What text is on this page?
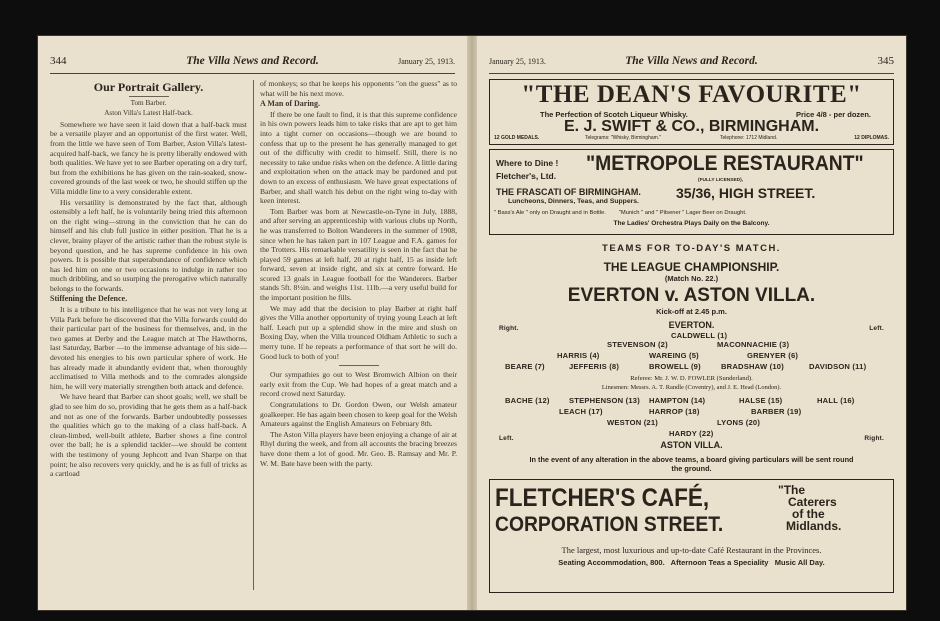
344	The Villa News and Record.	January 25, 1913.
Our Portrait Gallery.

Tom Barber.

Aston Villa's Latest Half-back.

Somewhere we have seen it laid down that a half-back must be a versatile player and an opportunist of the first water. Well, from the little we have seen of Tom Barber, Aston Villa's latest-acquired half-back, we fancy he is pretty liberally endowed with both qualities. We have yet to see Barber operating on a dry turf, but from the exhibitions he has given on the rain-soaked, snow-covered grounds of the last week or two, he should stiffen up the Villa middle line to a very considerable extent.

His versatility is demonstrated by the fact that, although ostensibly a left half, he is voluntarily being tried this afternoon on the right wing—strong in the conviction that he can do himself and his club full justice in either position. That he is a clever, brainy player of the artistic rather than the robust style is beyond question, and he has supreme confidence in his own powers. It is possible that superabundance of confidence which has led him on one or two occasions to indulge in rather too much dribbling, and so usurping the prerogative which naturally belongs to the forwards.

Stiffening the Defence.

It is a tribute to his intelligence that he was not very long at Villa Park before he discovered that the Villa forwards could do their particular part of the business for themselves, and, in the two games at Derby and the League match at The Hawthorns, last Saturday, Barber —to the immense advantage of his side— devoted his energies to his own particular sphere of work. He has already made it abundantly evident that, when thoroughly acclimatised to Villa methods and to the comrades alongside him, he will very materially strengthen both attack and defence.

We have heard that Barber can shoot goals; well, we shall be glad to see him do so, providing that he gets them as a half-back and not as one of the forwards. Barber undoubtedly possesses the qualities which go to the making of a class half-back. A clean-limbed, well-built athlete, Barber shows a fine control over the ball; he is a splendid tackler—we should be content with the testimony of young Jephcott and Ivan Sharpe on that point; he also recovers very quickly, and he is as full of tricks as a cartload

of monkeys; so that he keeps his opponents "on the guess" as to what will be his next move.

A Man of Daring.

If there be one fault to find, it is that this supreme confidence in his own powers leads him to take risks that are apt to get him into a tight corner on occasions—though we are bound to confess that up to the present he has generally managed to get out of the difficulty with credit to himself. Still, there is no necessity to take undue risks when on the defence. A little daring and exploitation when on the attack may be pardoned and put down to an excess of enthusiasm. We have great expectations of Barber, and shall watch his debut on the right wing to-day with keen interest.

Tom Barber was born at Newcastle-on-Tyne in July, 1888, and after serving an apprenticeship with various clubs up North, he was transferred to Bolton Wanderers in the summer of 1908, since when he has taken part in 107 League and F.A. games for the Trotters. His remarkable versatility is seen in the fact that he played 59 games at left half, 20 at right half, 15 as inside left forward, seven at inside right, and six at centre forward. He scored 13 goals in League football for the Wanderers. Barber stands 5ft. 8½in. and weighs 11st. 11lb.—a very useful build for the important position he fills.

We may add that the decision to play Barber at right half gives the Villa another opportunity of trying young Leach at left half. Leach put up a splendid show in the mire and slush on Boxing Day, when the Villa trounced Oldham Athletic to such a merry tune. If he repeats a performance of that sort he will do. Good luck to both of you!

Our sympathies go out to West Bromwich Albion on their early exit from the Cup. We had hopes of a great match and a record crowd next Saturday.

Congratulations to Dr. Gordon Owen, our Welsh amateur goalkeeper. He has again been chosen to keep goal for the Welsh Amateurs against the English Amateurs on February 8th.

The Aston Villa players have been enjoying a change of air at Rhyl during the week, and from all accounts the bracing breezes have done them a lot of good. Mr. Geo. B. Ramsay and Mr. P. W. M. Bate have been with the party.

January 25, 1913.	The Villa News and Record.	345
"THE DEAN'S FAVOURITE"
The Perfection of Scotch Liqueur Whisky.	Price 4/8 - per dozen.
E. J. SWIFT & CO., BIRMINGHAM.
12 GOLD MEDALS.	Telegrams: "Whisky, Birmingham."	Telephone: 1712 Midland.	12 DIPLOMAS.
Where to Dine !
Fletcher's, Ltd.
"METROPOLE RESTAURANT"
(FULLY LICENSED),
THE FRASCATI OF BIRMINGHAM.
Luncheons, Dinners, Teas, and Suppers.
35/36, HIGH STREET.
" Bass's Ale " only on Draught and in Bottle.        "Munich " and " Pilsener " Lager Beer on Draught.
The Ladies' Orchestra Plays Daily on the Balcony.
TEAMS FOR TO-DAY'S MATCH.
THE LEAGUE CHAMPIONSHIP.
(Match No. 22.)
EVERTON v. ASTON VILLA.
Kick-off at 2.45 p.m.
EVERTON.
Right.	Left.
CALDWELL (1)
STEVENSON (2)	MACONNACHIE (3)
HARRIS (4)	WAREING (5)	GRENYER (6)
BEARE (7)	JEFFERIS (8)	BROWELL (9)	BRADSHAW (10)	DAVIDSON (11)
Referee: Mr. J. W. D. FOWLER (Sunderland).
Linesmen: Messrs. A. T. Randle (Coventry), and J. E. Head (London).
BACHE (12)	STEPHENSON (13) HAMPTON (14)	HALSE (15)	HALL (16)
LEACH (17)	HARROP (18)	BARBER (19)
WESTON (21)	LYONS (20)
HARDY (22)
Left.	Right.
ASTON VILLA.
In the event of any alteration in the above teams, a board giving particulars will be sent round the ground.
FLETCHER'S CAFÉ,
CORPORATION STREET.
"The
Caterers
of the
Midlands.
The largest, most luxurious and up-to-date Café Restaurant in the Provinces.
Seating Accommodation, 800.   Afternoon Teas a Speciality   Music All Day.
